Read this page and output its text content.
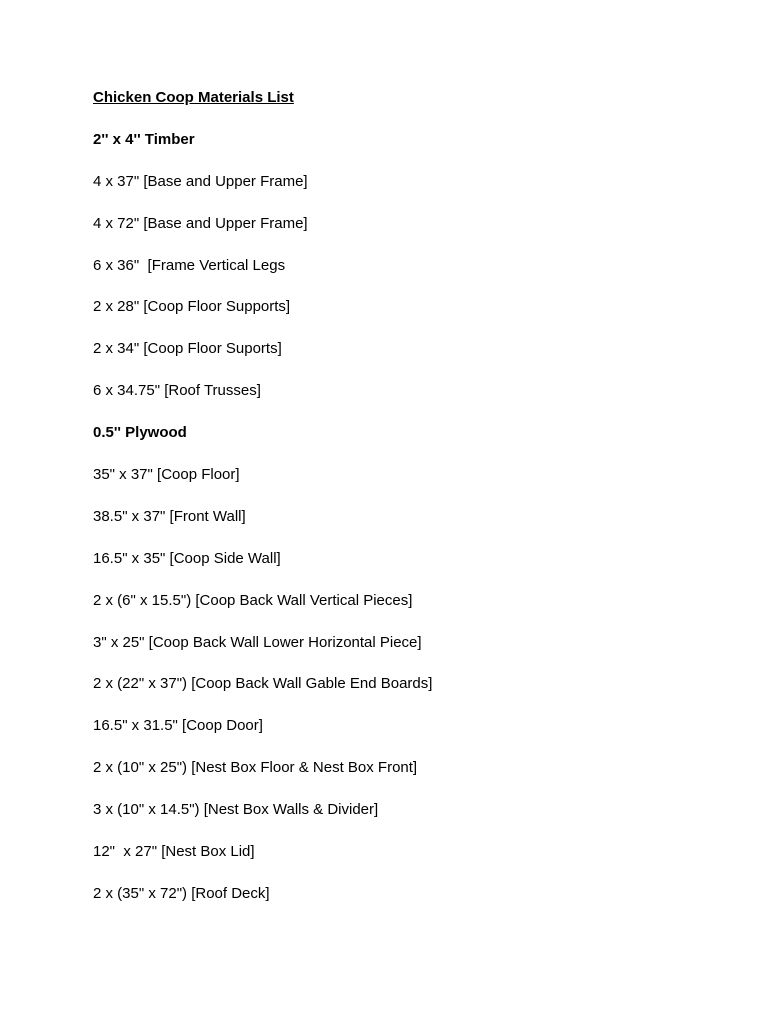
Chicken Coop Materials List
2'' x 4'' Timber
4 x 37" [Base and Upper Frame]
4 x 72" [Base and Upper Frame]
6 x 36"  [Frame Vertical Legs
2 x 28" [Coop Floor Supports]
2 x 34" [Coop Floor Suports]
6 x 34.75" [Roof Trusses]
0.5'' Plywood
35" x 37" [Coop Floor]
38.5" x 37" [Front Wall]
16.5" x 35" [Coop Side Wall]
2 x (6" x 15.5") [Coop Back Wall Vertical Pieces]
3" x 25" [Coop Back Wall Lower Horizontal Piece]
2 x (22" x 37") [Coop Back Wall Gable End Boards]
16.5" x 31.5" [Coop Door]
2 x (10" x 25") [Nest Box Floor & Nest Box Front]
3 x (10" x 14.5") [Nest Box Walls & Divider]
12"  x 27" [Nest Box Lid]
2 x (35" x 72") [Roof Deck]
